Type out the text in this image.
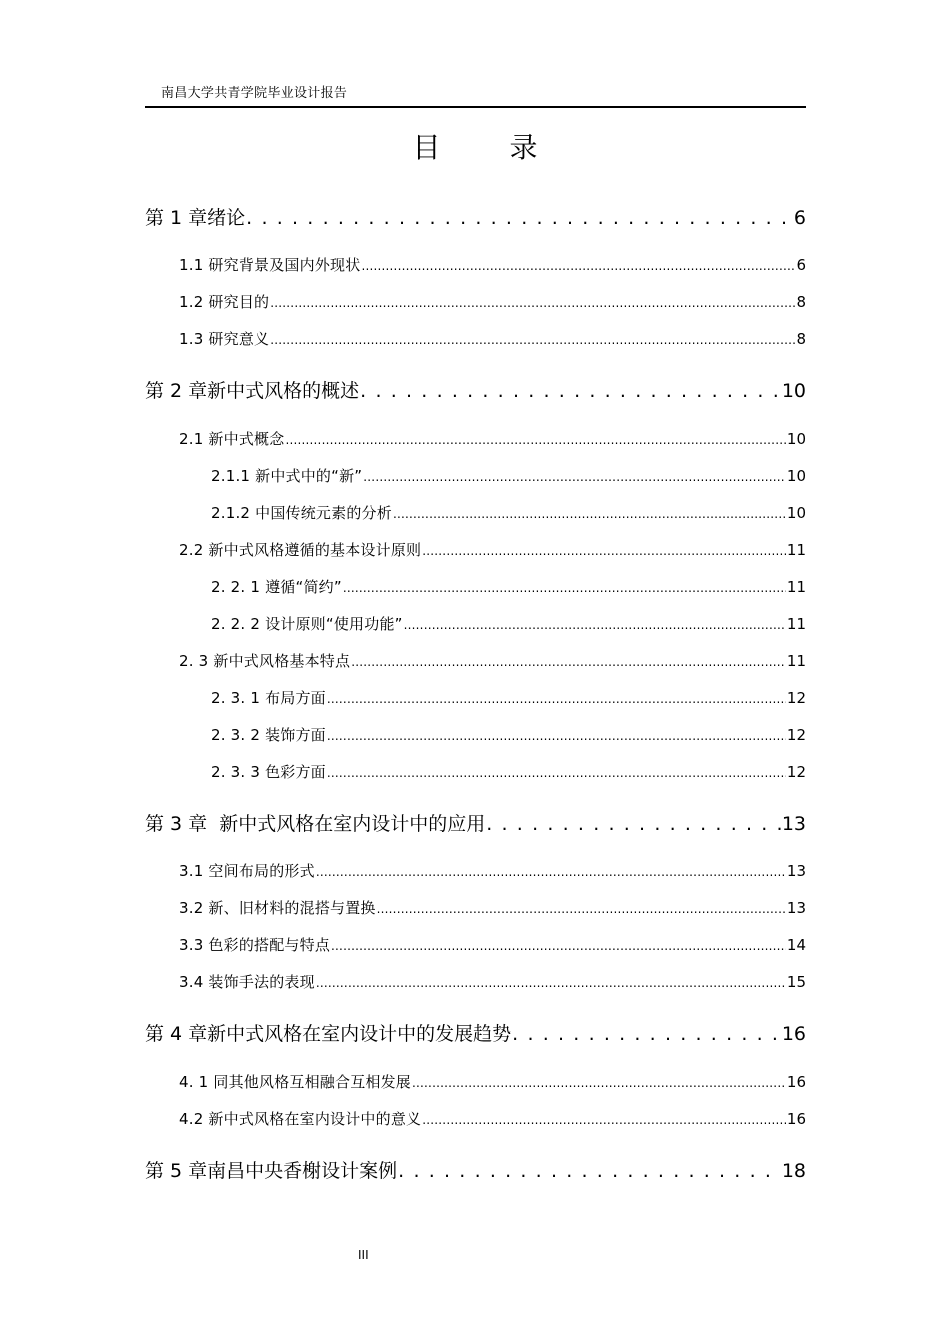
南昌大学共青学院毕业设计报告
目 录
第 1 章绪论 . . .	6
1.1 研究背景及国内外现状 .....	6
1.2 研究目的 .....	8
1.3 研究意义 .....	8
第 2 章新中式风格的概述 . . .	10
2.1 新中式概念 .....	10
2.1.1 新中式中的“新” .....	10
2.1.2 中国传统元素的分析 .....	10
2.2 新中式风格遵循的基本设计原则 .....	11
2. 2. 1 遵循“简约” .....	11
2. 2. 2 设计原则“使用功能” .....	11
2. 3 新中式风格基本特点 .....	11
2. 3. 1 布局方面 .....	12
2. 3. 2 装饰方面 .....	12
2. 3. 3 色彩方面 .....	12
第 3 章  新中式风格在室内设计中的应用 . . .	13
3.1 空间布局的形式 .....	13
3.2 新、旧材料的混搭与置换 .....	13
3.3 色彩的搭配与特点 .....	14
3.4 装饰手法的表现 .....	15
第 4 章新中式风格在室内设计中的发展趋势 . . .	16
4. 1 同其他风格互相融合互相发展 .....	16
4.2 新中式风格在室内设计中的意义 .....	16
第 5 章南昌中央香榭设计案例 . . .	18
III
